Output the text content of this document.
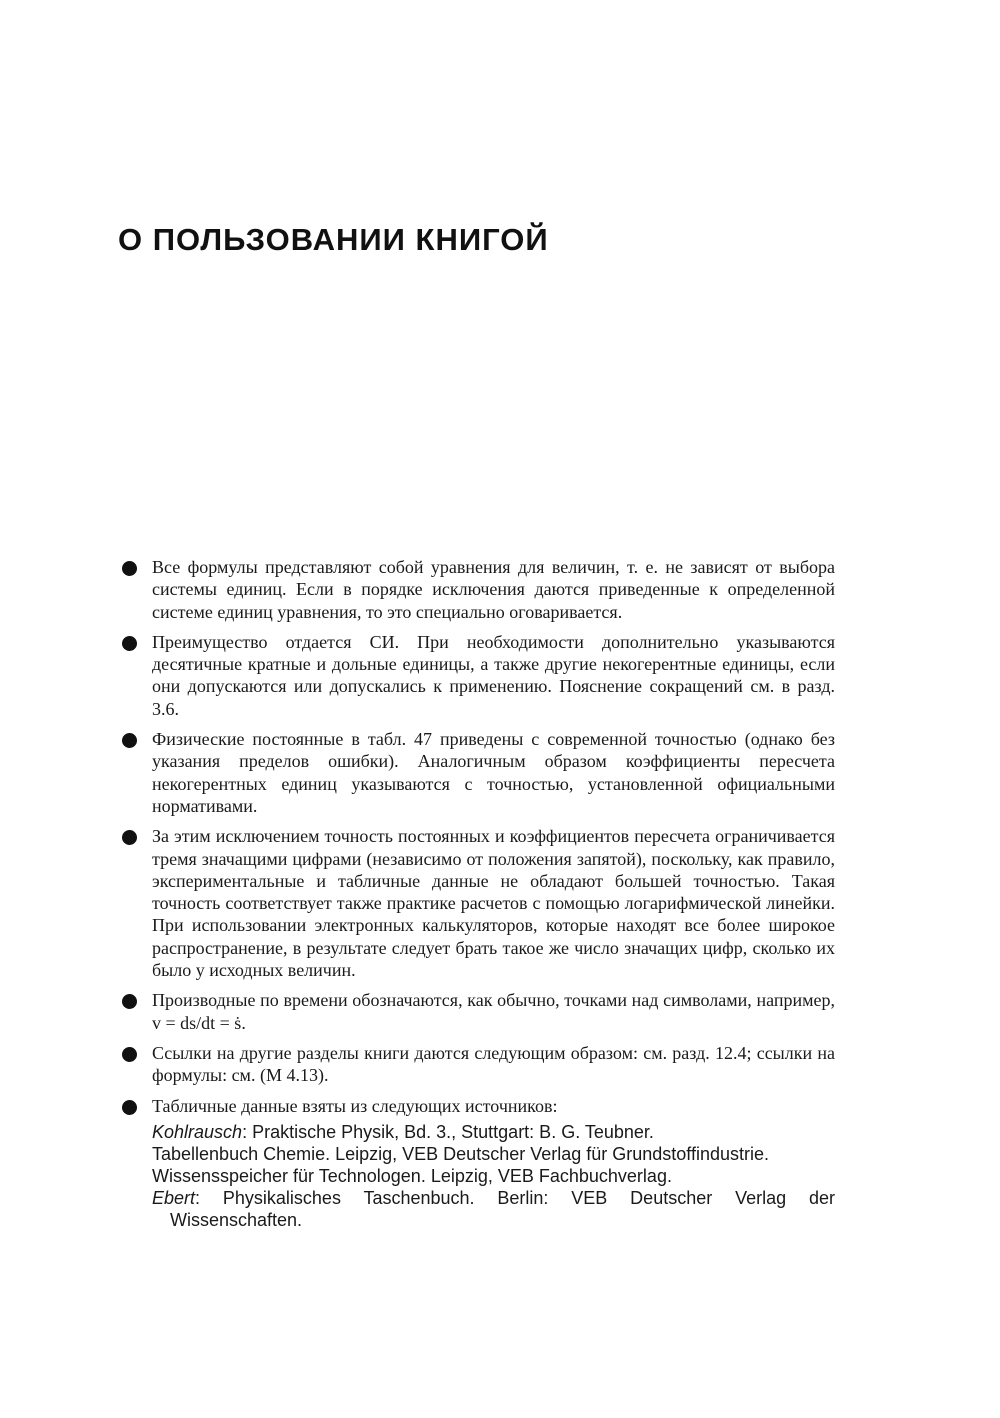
О ПОЛЬЗОВАНИИ КНИГОЙ
Все формулы представляют собой уравнения для величин, т. е. не зависят от выбора системы единиц. Если в порядке исключения даются приведенные к определенной системе единиц уравнения, то это специально оговаривается.
Преимущество отдается СИ. При необходимости дополнительно указываются десятичные кратные и дольные единицы, а также другие некогерентные единицы, если они допускаются или допускались к применению. Пояснение сокращений см. в разд. 3.6.
Физические постоянные в табл. 47 приведены с современной точностью (однако без указания пределов ошибки). Аналогичным образом коэффициенты пересчета некогерентных единиц указываются с точностью, установленной официальными нормативами.
За этим исключением точность постоянных и коэффициентов пересчета ограничивается тремя значащими цифрами (независимо от положения запятой), поскольку, как правило, экспериментальные и табличные данные не обладают большей точностью. Такая точность соответствует также практике расчетов с помощью логарифмической линейки. При использовании электронных калькуляторов, которые находят все более широкое распространение, в результате следует брать такое же число значащих цифр, сколько их было у исходных величин.
Производные по времени обозначаются, как обычно, точками над символами, например, v = ds/dt = ṡ.
Ссылки на другие разделы книги даются следующим образом: см. разд. 12.4; ссылки на формулы: см. (М 4.13).
Табличные данные взяты из следующих источников:
Kohlrausch: Praktische Physik, Bd. 3., Stuttgart: B. G. Teubner.
Tabellenbuch Chemie. Leipzig, VEB Deutscher Verlag für Grundstoffindustrie.
Wissensspeicher für Technologen. Leipzig, VEB Fachbuchverlag.
Ebert: Physikalisches Taschenbuch. Berlin: VEB Deutscher Verlag der Wissenschaften.
